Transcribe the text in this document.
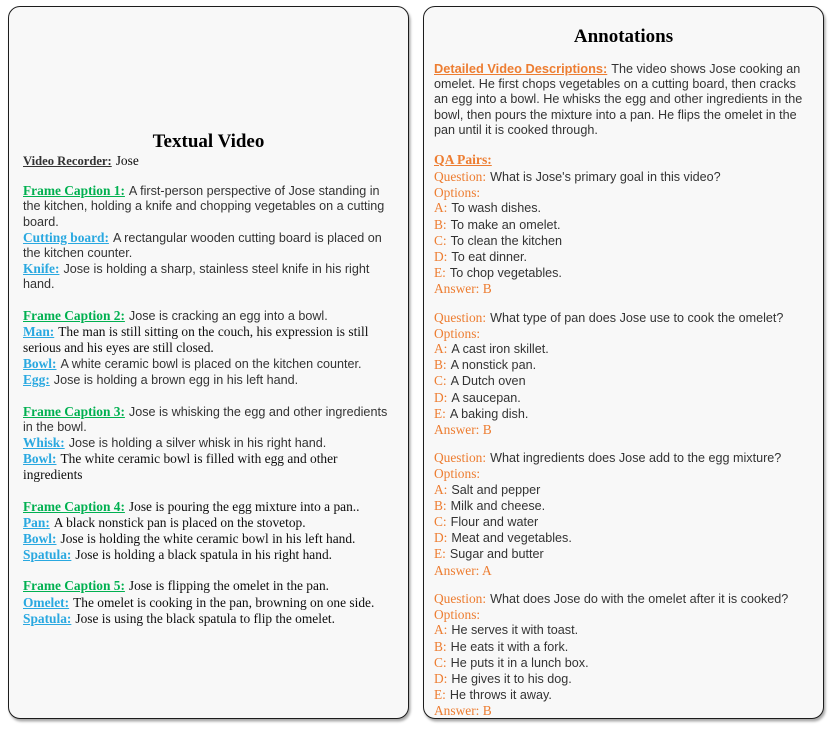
Textual Video

Video Recorder: Jose

Frame Caption 1: A first-person perspective of Jose standing in the kitchen, holding a knife and chopping vegetables on a cutting board.

Cutting board: A rectangular wooden cutting board is placed on the kitchen counter.

Knife: Jose is holding a sharp, stainless steel knife in his right hand.

Frame Caption 2: Jose is cracking an egg into a bowl.

Man: The man is still sitting on the couch, his expression is still serious and his eyes are still closed.

Bowl: A white ceramic bowl is placed on the kitchen counter.

Egg: Jose is holding a brown egg in his left hand.

Frame Caption 3: Jose is whisking the egg and other ingredients in the bowl.

Whisk: Jose is holding a silver whisk in his right hand.

Bowl: The white ceramic bowl is filled with egg and other ingredients

Frame Caption 4: Jose is pouring the egg mixture into a pan..

Pan: A black nonstick pan is placed on the stovetop.

Bowl: Jose is holding the white ceramic bowl in his left hand.

Spatula: Jose is holding a black spatula in his right hand.

Frame Caption 5: Jose is flipping the omelet in the pan.

Omelet: The omelet is cooking in the pan, browning on one side.

Spatula: Jose is using the black spatula to flip the omelet.

Annotations

Detailed Video Descriptions: The video shows Jose cooking an omelet. He first chops vegetables on a cutting board, then cracks an egg into a bowl. He whisks the egg and other ingredients in the bowl, then pours the mixture into a pan. He flips the omelet in the pan until it is cooked through.

QA Pairs:

Question: What is Jose's primary goal in this video?

Options:

A: To wash dishes.

B: To make an omelet.

C: To clean the kitchen

D: To eat dinner.

E: To chop vegetables.

Answer: B

Question: What type of pan does Jose use to cook the omelet?

Options:

A: A cast iron skillet.

B: A nonstick pan.

C: A Dutch oven

D: A saucepan.

E: A baking dish.

Answer: B

Question: What ingredients does Jose add to the egg mixture?

Options:

A: Salt and pepper

B: Milk and cheese.

C: Flour and water

D: Meat and vegetables.

E: Sugar and butter

Answer: A

Question: What does Jose do with the omelet after it is cooked?

Options:

A: He serves it with toast.

B: He eats it with a fork.

C: He puts it in a lunch box.

D: He gives it to his dog.

E: He throws it away.

Answer: B
